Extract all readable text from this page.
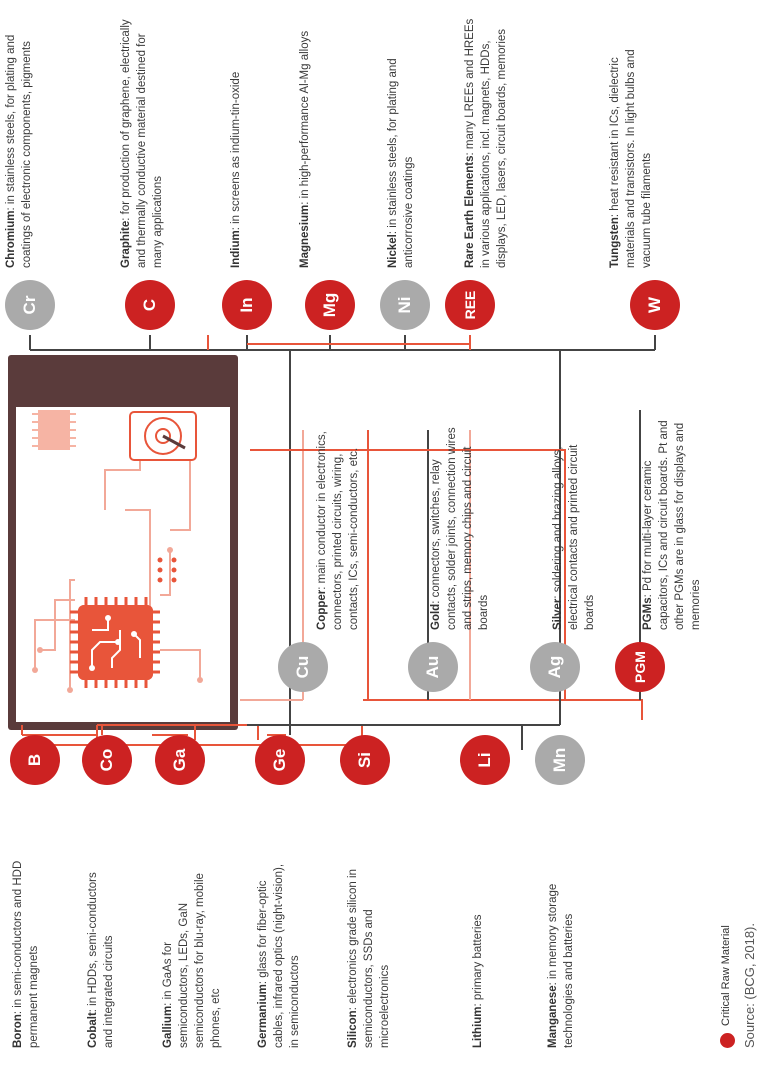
Cr
Chromium: in stainless steels, for plating and coatings of electronic components, pigments
C
Graphite: for production of graphene, electrically and thermally conductive material destined for many applications
In
Indium: in screens as indium-tin-oxide
Mg
Magnesium: in high-performance Al-Mg alloys
Ni
Nickel: in stainless steels, for plating and anticorrosive coatings
REE
Rare Earth Elements: many LREEs and HREEs in various applications, incl. magnets, HDDs, displays, LED, lasers, circuit boards, memories
W
Tungsten: heat resistant in ICs, dielectric materials and transistors. In light bulbs and vacuum tube filaments
Cu
Copper: main conductor in electronics, connectors, printed circuits, wiring, contacts, ICs, semi-conductors, etc.
Au
Gold: connectors, switches, relay contacts, solder joints, connection wires and strips, memory chips and circuit boards
Ag
Silver: soldering and brazing alloys, electrical contacts and printed circuit boards
PGM
PGMs: Pd for multi-layer ceramic capacitors, ICs and circuit boards. Pt and other PGMs are in glass for displays and memories
B
Boron: in semi-conductors and HDD permanent magnets
Co
Cobalt: in HDDs, semi-conductors and integrated circuits
Ga
Gallium: in GaAs for semiconductors, LEDs, GaN semiconductors for blu-ray, mobile phones, etc
Ge
Germanium: glass for fiber-optic cables, infrared optics (night-vision), in semiconductors
Si
Silicon: electronics grade silicon in semiconductors, SSDs and microelectronics
Li
Lithium: primary batteries
Mn
Manganese: in memory storage technologies and batteries	Critical Raw Material Source: (BCG, 2018).
